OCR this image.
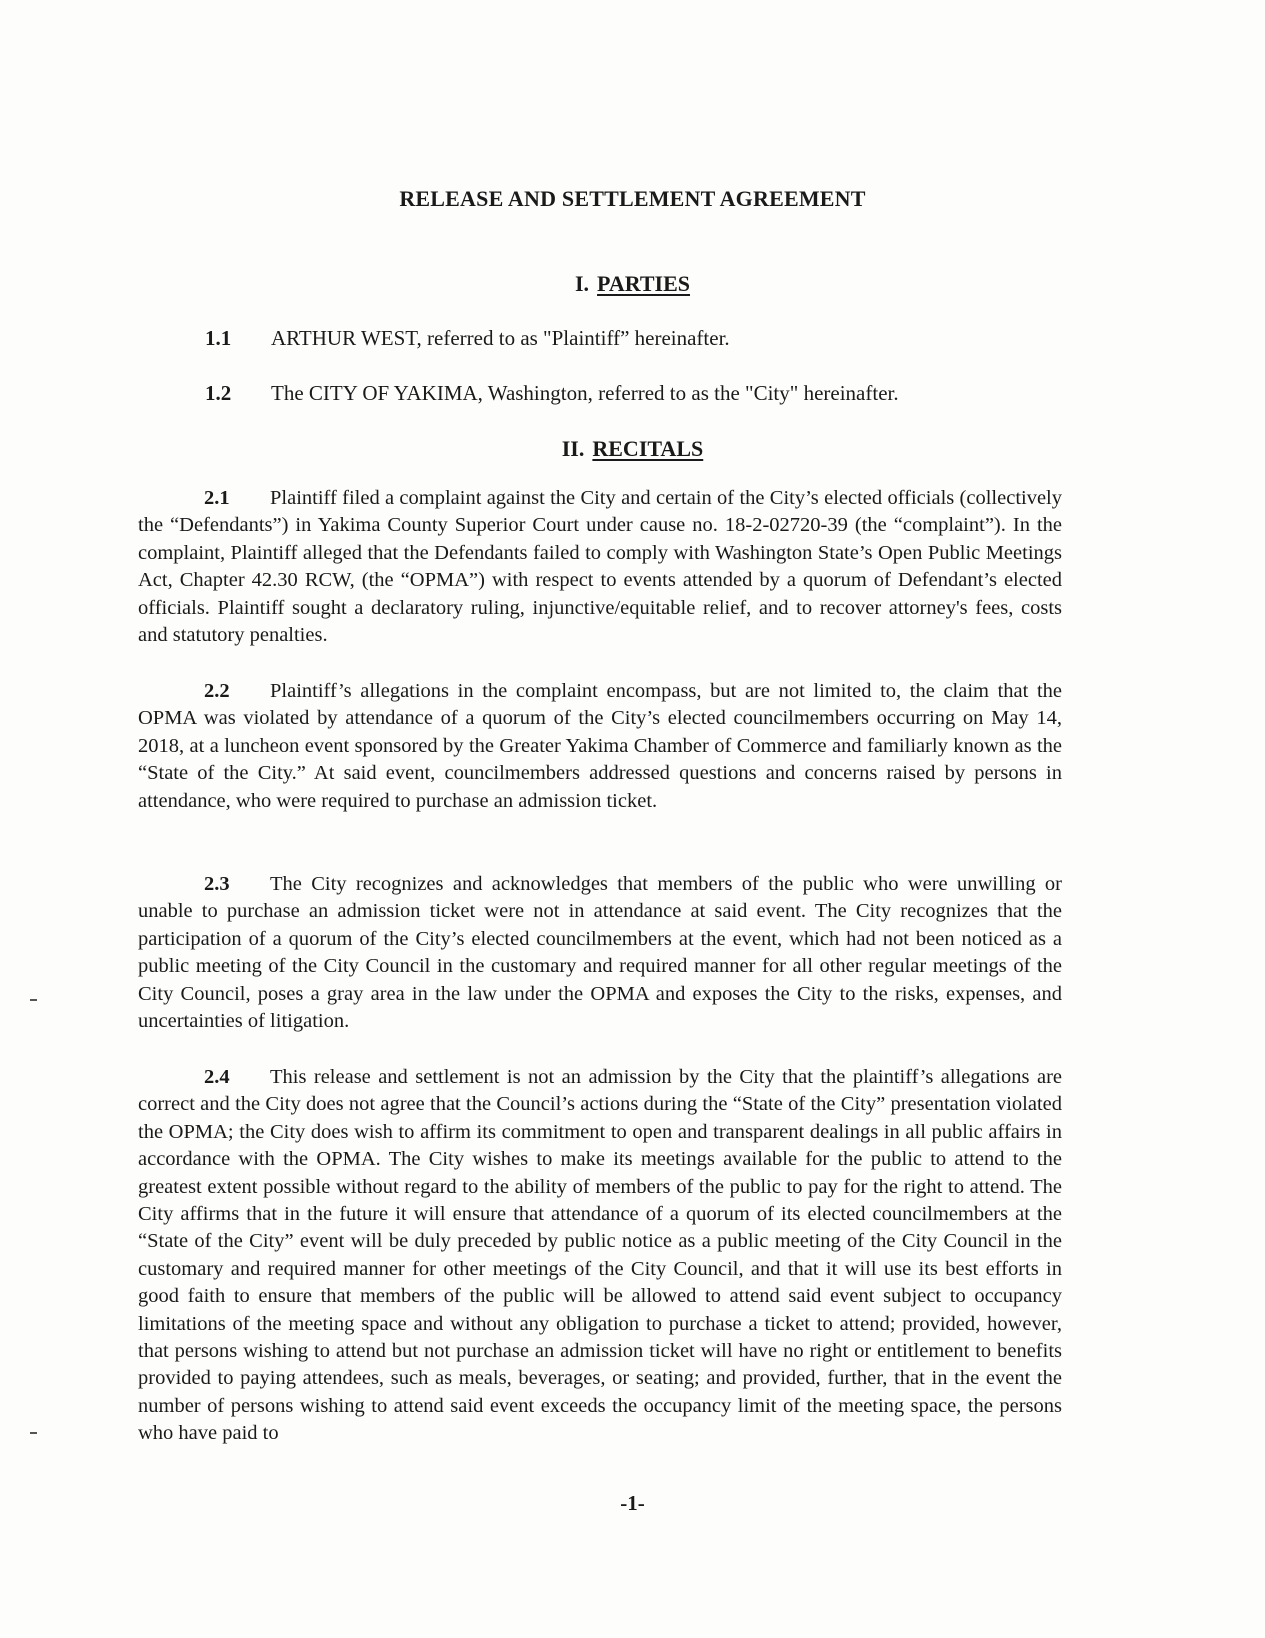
RELEASE AND SETTLEMENT AGREEMENT
I. PARTIES
1.1 ARTHUR WEST, referred to as "Plaintiff” hereinafter.
1.2 The CITY OF YAKIMA, Washington, referred to as the "City" hereinafter.
II. RECITALS

2.1 Plaintiff filed a complaint against the City and certain of the City’s elected officials (collectively the “Defendants”) in Yakima County Superior Court under cause no. 18-2-02720-39 (the “complaint”). In the complaint, Plaintiff alleged that the Defendants failed to comply with Washington State’s Open Public Meetings Act, Chapter 42.30 RCW, (the “OPMA”) with respect to events attended by a quorum of Defendant’s elected officials. Plaintiff sought a declaratory ruling, injunctive/equitable relief, and to recover attorney's fees, costs and statutory penalties.

2.2 Plaintiff’s allegations in the complaint encompass, but are not limited to, the claim that the OPMA was violated by attendance of a quorum of the City’s elected councilmembers occurring on May 14, 2018, at a luncheon event sponsored by the Greater Yakima Chamber of Commerce and familiarly known as the “State of the City.” At said event, councilmembers addressed questions and concerns raised by persons in attendance, who were required to purchase an admission ticket.

2.3 The City recognizes and acknowledges that members of the public who were unwilling or unable to purchase an admission ticket were not in attendance at said event. The City recognizes that the participation of a quorum of the City’s elected councilmembers at the event, which had not been noticed as a public meeting of the City Council in the customary and required manner for all other regular meetings of the City Council, poses a gray area in the law under the OPMA and exposes the City to the risks, expenses, and uncertainties of litigation.

2.4 This release and settlement is not an admission by the City that the plaintiff’s allegations are correct and the City does not agree that the Council’s actions during the “State of the City” presentation violated the OPMA; the City does wish to affirm its commitment to open and transparent dealings in all public affairs in accordance with the OPMA. The City wishes to make its meetings available for the public to attend to the greatest extent possible without regard to the ability of members of the public to pay for the right to attend. The City affirms that in the future it will ensure that attendance of a quorum of its elected councilmembers at the “State of the City” event will be duly preceded by public notice as a public meeting of the City Council in the customary and required manner for other meetings of the City Council, and that it will use its best efforts in good faith to ensure that members of the public will be allowed to attend said event subject to occupancy limitations of the meeting space and without any obligation to purchase a ticket to attend; provided, however, that persons wishing to attend but not purchase an admission ticket will have no right or entitlement to benefits provided to paying attendees, such as meals, beverages, or seating; and provided, further, that in the event the number of persons wishing to attend said event exceeds the occupancy limit of the meeting space, the persons who have paid to

-1-
